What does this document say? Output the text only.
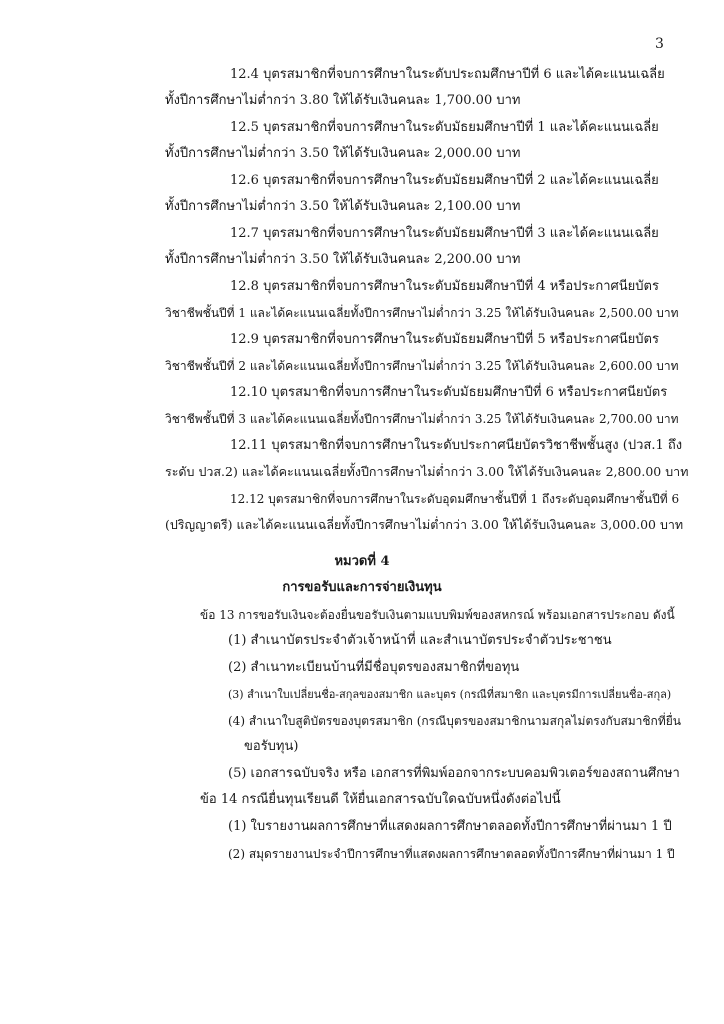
3
12.4 บุตรสมาชิกที่จบการศึกษาในระดับประถมศึกษาปีที่ 6 และได้คะแนนเฉลี่ย
ทั้งปีการศึกษาไม่ต่ำกว่า 3.80 ให้ได้รับเงินคนละ 1,700.00 บาท
12.5 บุตรสมาชิกที่จบการศึกษาในระดับมัธยมศึกษาปีที่ 1 และได้คะแนนเฉลี่ย
ทั้งปีการศึกษาไม่ต่ำกว่า 3.50 ให้ได้รับเงินคนละ 2,000.00 บาท
12.6 บุตรสมาชิกที่จบการศึกษาในระดับมัธยมศึกษาปีที่ 2 และได้คะแนนเฉลี่ย
ทั้งปีการศึกษาไม่ต่ำกว่า 3.50 ให้ได้รับเงินคนละ 2,100.00 บาท
12.7 บุตรสมาชิกที่จบการศึกษาในระดับมัธยมศึกษาปีที่ 3 และได้คะแนนเฉลี่ย
ทั้งปีการศึกษาไม่ต่ำกว่า 3.50 ให้ได้รับเงินคนละ 2,200.00 บาท
12.8 บุตรสมาชิกที่จบการศึกษาในระดับมัธยมศึกษาปีที่ 4 หรือประกาศนียบัตร
วิชาชีพชั้นปีที่ 1 และได้คะแนนเฉลี่ยทั้งปีการศึกษาไม่ต่ำกว่า 3.25 ให้ได้รับเงินคนละ 2,500.00 บาท
12.9 บุตรสมาชิกที่จบการศึกษาในระดับมัธยมศึกษาปีที่ 5 หรือประกาศนียบัตร
วิชาชีพชั้นปีที่ 2 และได้คะแนนเฉลี่ยทั้งปีการศึกษาไม่ต่ำกว่า 3.25 ให้ได้รับเงินคนละ 2,600.00 บาท
12.10 บุตรสมาชิกที่จบการศึกษาในระดับมัธยมศึกษาปีที่ 6 หรือประกาศนียบัตร
วิชาชีพชั้นปีที่ 3 และได้คะแนนเฉลี่ยทั้งปีการศึกษาไม่ต่ำกว่า 3.25 ให้ได้รับเงินคนละ 2,700.00 บาท
12.11 บุตรสมาชิกที่จบการศึกษาในระดับประกาศนียบัตรวิชาชีพชั้นสูง (ปวส.1 ถึง
ระดับ ปวส.2) และได้คะแนนเฉลี่ยทั้งปีการศึกษาไม่ต่ำกว่า 3.00 ให้ได้รับเงินคนละ 2,800.00 บาท
12.12 บุตรสมาชิกที่จบการศึกษาในระดับอุดมศึกษาชั้นปีที่ 1 ถึงระดับอุดมศึกษาชั้นปีที่ 6
(ปริญญาตรี) และได้คะแนนเฉลี่ยทั้งปีการศึกษาไม่ต่ำกว่า 3.00 ให้ได้รับเงินคนละ 3,000.00 บาท
หมวดที่ 4
การขอรับและการจ่ายเงินทุน
ข้อ 13 การขอรับเงินจะต้องยื่นขอรับเงินตามแบบพิมพ์ของสหกรณ์ พร้อมเอกสารประกอบ ดังนี้
(1) สำเนาบัตรประจำตัวเจ้าหน้าที่ และสำเนาบัตรประจำตัวประชาชน
(2) สำเนาทะเบียนบ้านที่มีชื่อบุตรของสมาชิกที่ขอทุน
(3) สำเนาใบเปลี่ยนชื่อ-สกุลของสมาชิก และบุตร (กรณีที่สมาชิก และบุตรมีการเปลี่ยนชื่อ-สกุล)
(4) สำเนาใบสูติบัตรของบุตรสมาชิก (กรณีบุตรของสมาชิกนามสกุลไม่ตรงกับสมาชิกที่ยื่น
ขอรับทุน)
(5) เอกสารฉบับจริง หรือ เอกสารที่พิมพ์ออกจากระบบคอมพิวเตอร์ของสถานศึกษา
ข้อ 14 กรณียื่นทุนเรียนดี ให้ยื่นเอกสารฉบับใดฉบับหนึ่งดังต่อไปนี้
(1) ใบรายงานผลการศึกษาที่แสดงผลการศึกษาตลอดทั้งปีการศึกษาที่ผ่านมา 1 ปี
(2) สมุดรายงานประจำปีการศึกษาที่แสดงผลการศึกษาตลอดทั้งปีการศึกษาที่ผ่านมา 1 ปี
